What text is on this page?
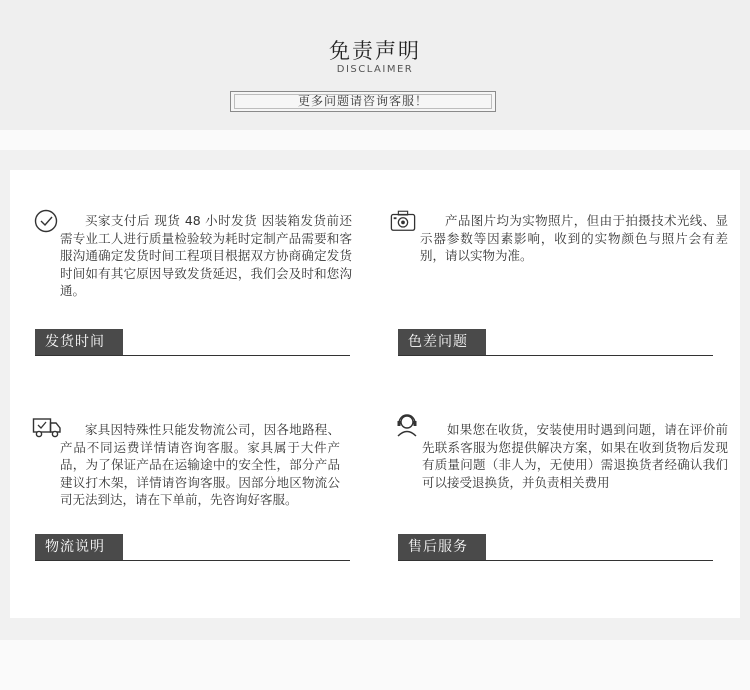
免责声明
DISCLAIMER
更多问题请咨询客服！
买家支付后 现货 48 小时发货 因装箱发货前还需专业工人进行质量检验较为耗时定制产品需要和客服沟通确定发货时间工程项目根据双方协商确定发货时间如有其它原因导致发货延迟，我们会及时和您沟通。
发货时间
产品图片均为实物照片，但由于拍摄技术光线、显示器参数等因素影响，收到的实物颜色与照片会有差别，请以实物为准。
色差问题
家具因特殊性只能发物流公司，因各地路程、产品不同运费详情请咨询客服。家具属于大件产品，为了保证产品在运输途中的安全性，部分产品建议打木架，详情请咨询客服。因部分地区物流公司无法到达，请在下单前，先咨询好客服。
物流说明
如果您在收货，安装使用时遇到问题，请在评价前先联系客服为您提供解决方案，如果在收到货物后发现有质量问题（非人为，无使用）需退换货者经确认我们可以接受退换货，并负责相关费用
售后服务
